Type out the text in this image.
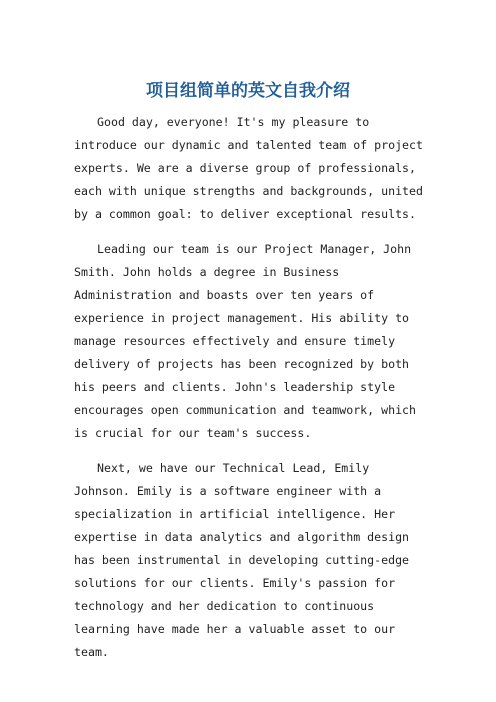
项目组简单的英文自我介绍

Good day, everyone! It's my pleasure to introduce our dynamic and talented team of project experts. We are a diverse group of professionals, each with unique strengths and backgrounds, united by a common goal: to deliver exceptional results.

Leading our team is our Project Manager, John Smith. John holds a degree in Business Administration and boasts over ten years of experience in project management. His ability to manage resources effectively and ensure timely delivery of projects has been recognized by both his peers and clients. John's leadership style encourages open communication and teamwork, which is crucial for our team's success.

Next, we have our Technical Lead, Emily Johnson. Emily is a software engineer with a specialization in artificial intelligence. Her expertise in data analytics and algorithm design has been instrumental in developing cutting-edge solutions for our clients. Emily's passion for technology and her dedication to continuous learning have made her a valuable asset to our team.
